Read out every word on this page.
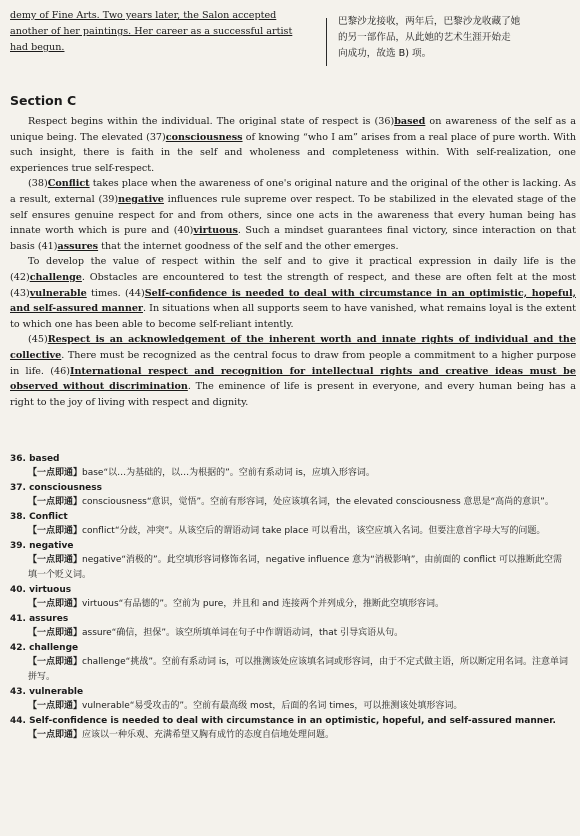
demy of Fine Arts. Two years later, the Salon accepted
another of her paintings. Her career as a successful artist
had begun.
巴黎沙龙接收，两年后，巴黎沙龙收藏了她
的另一部作品，从此她的艺术生涯开始走
向成功，故选 B) 项。
Section C

Respect begins within the individual. The original state of respect is (36)based on awareness of the self as a unique being. The elevated (37)consciousness of knowing “who I am” arises from a real place of pure worth. With such insight, there is faith in the self and wholeness and completeness within. With self-realization, one experiences true self-respect.

(38)Conflict takes place when the awareness of one's original nature and the original of the other is lacking. As a result, external (39)negative influences rule supreme over respect. To be stabilized in the elevated stage of the self ensures genuine respect for and from others, since one acts in the awareness that every human being has innate worth which is pure and (40)virtuous. Such a mindset guarantees final victory, since interaction on that basis (41)assures that the internet goodness of the self and the other emerges.

To develop the value of respect within the self and to give it practical expression in daily life is the (42)challenge. Obstacles are encountered to test the strength of respect, and these are often felt at the most (43)vulnerable times. (44)Self-confidence is needed to deal with circumstance in an optimistic, hopeful, and self-assured manner. In situations when all supports seem to have vanished, what remains loyal is the extent to which one has been able to become self-reliant intently.

(45)Respect is an acknowledgement of the inherent worth and innate rights of individual and the collective. There must be recognized as the central focus to draw from people a commitment to a higher purpose in life. (46)International respect and recognition for intellectual rights and creative ideas must be observed without discrimination. The eminence of life is present in everyone, and every human being has a right to the joy of living with respect and dignity.

36. based
【一点即通】base“以…为基础的，以…为根据的”。空前有系动词 is，应填入形容词。
37. consciousness
【一点即通】consciousness“意识，觉悟”。空前有形容词，处应该填名词，the elevated consciousness 意思是“高尚的意识”。
38. Conflict
【一点即通】conflict“分歧，冲突”。从该空后的谓语动词 take place 可以看出，该空应填入名词。但要注意首字母大写的问题。
39. negative
【一点即通】negative“消极的”。此空填形容词修饰名词，negative influence 意为“消极影响”，由前面的 conflict 可以推断此空需填一个贬义词。
40. virtuous
【一点即通】virtuous“有品德的”。空前为 pure，并且和 and 连接两个并列成分，推断此空填形容词。
41. assures
【一点即通】assure“确信，担保”。该空所填单词在句子中作谓语动词，that 引导宾语从句。
42. challenge
【一点即通】challenge“挑战”。空前有系动词 is，可以推测该处应该填名词或形容词，由于不定式做主语，所以断定用名词。注意单词拼写。
43. vulnerable
【一点即通】vulnerable“易受攻击的”。空前有最高级 most，后面的名词 times，可以推测该处填形容词。
44. Self-confidence is needed to deal with circumstance in an optimistic, hopeful, and self-assured manner.
【一点即通】应该以一种乐观、充满希望又胸有成竹的态度自信地处理问题。
